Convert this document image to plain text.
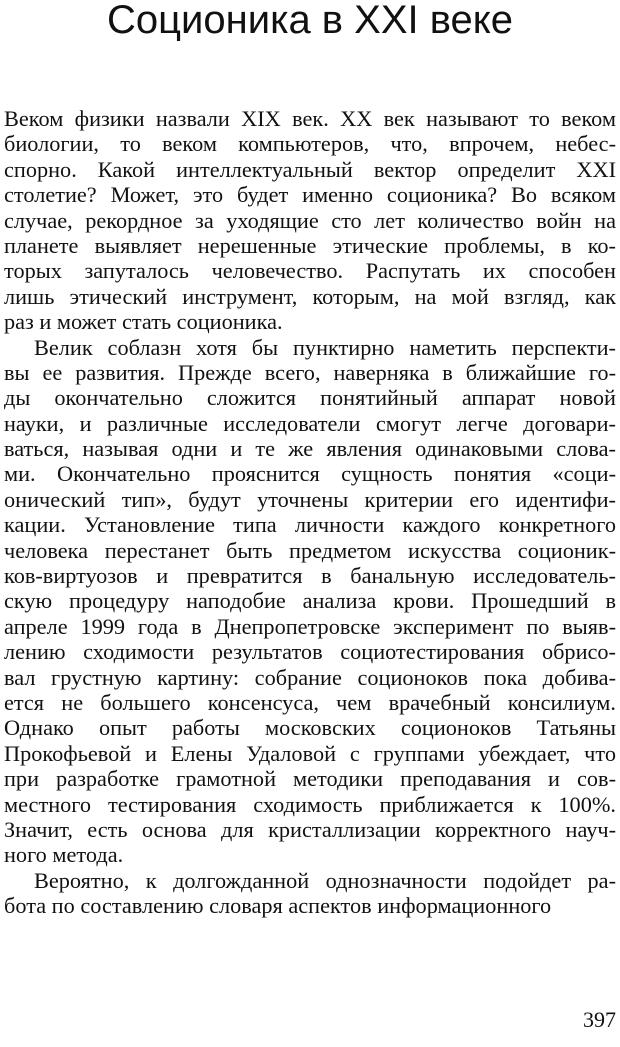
Соционика в XXI веке
Веком физики назвали XIX век. XX век называют то веком
биологии, то веком компьютеров, что, впрочем, небес-
спорно. Какой интеллектуальный вектор определит XXI
столетие? Может, это будет именно соционика? Во всяком
случае, рекордное за уходящие сто лет количество войн на
планете выявляет нерешенные этические проблемы, в ко-
торых запуталось человечество. Распутать их способен
лишь этический инструмент, которым, на мой взгляд, как
раз и может стать соционика.
Велик соблазн хотя бы пунктирно наметить перспекти-
вы ее развития. Прежде всего, наверняка в ближайшие го-
ды окончательно сложится понятийный аппарат новой
науки, и различные исследователи смогут легче договари-
ваться, называя одни и те же явления одинаковыми слова-
ми. Окончательно прояснится сущность понятия «соци-
онический тип», будут уточнены критерии его идентифи-
кации. Установление типа личности каждого конкретного
человека перестанет быть предметом искусства соционик-
ков-виртуозов и превратится в банальную исследователь-
скую процедуру наподобие анализа крови. Прошедший в
апреле 1999 года в Днепропетровске эксперимент по выяв-
лению сходимости результатов социотестирования обрисо-
вал грустную картину: собрание соционоков пока добива-
ется не большего консенсуса, чем врачебный консилиум.
Однако опыт работы московских соционоков Татьяны
Прокофьевой и Елены Удаловой с группами убеждает, что
при разработке грамотной методики преподавания и сов-
местного тестирования сходимость приближается к 100%.
Значит, есть основа для кристаллизации корректного науч-
ного метода.
Вероятно, к долгожданной однозначности подойдет ра-
бота по составлению словаря аспектов информационного
397
